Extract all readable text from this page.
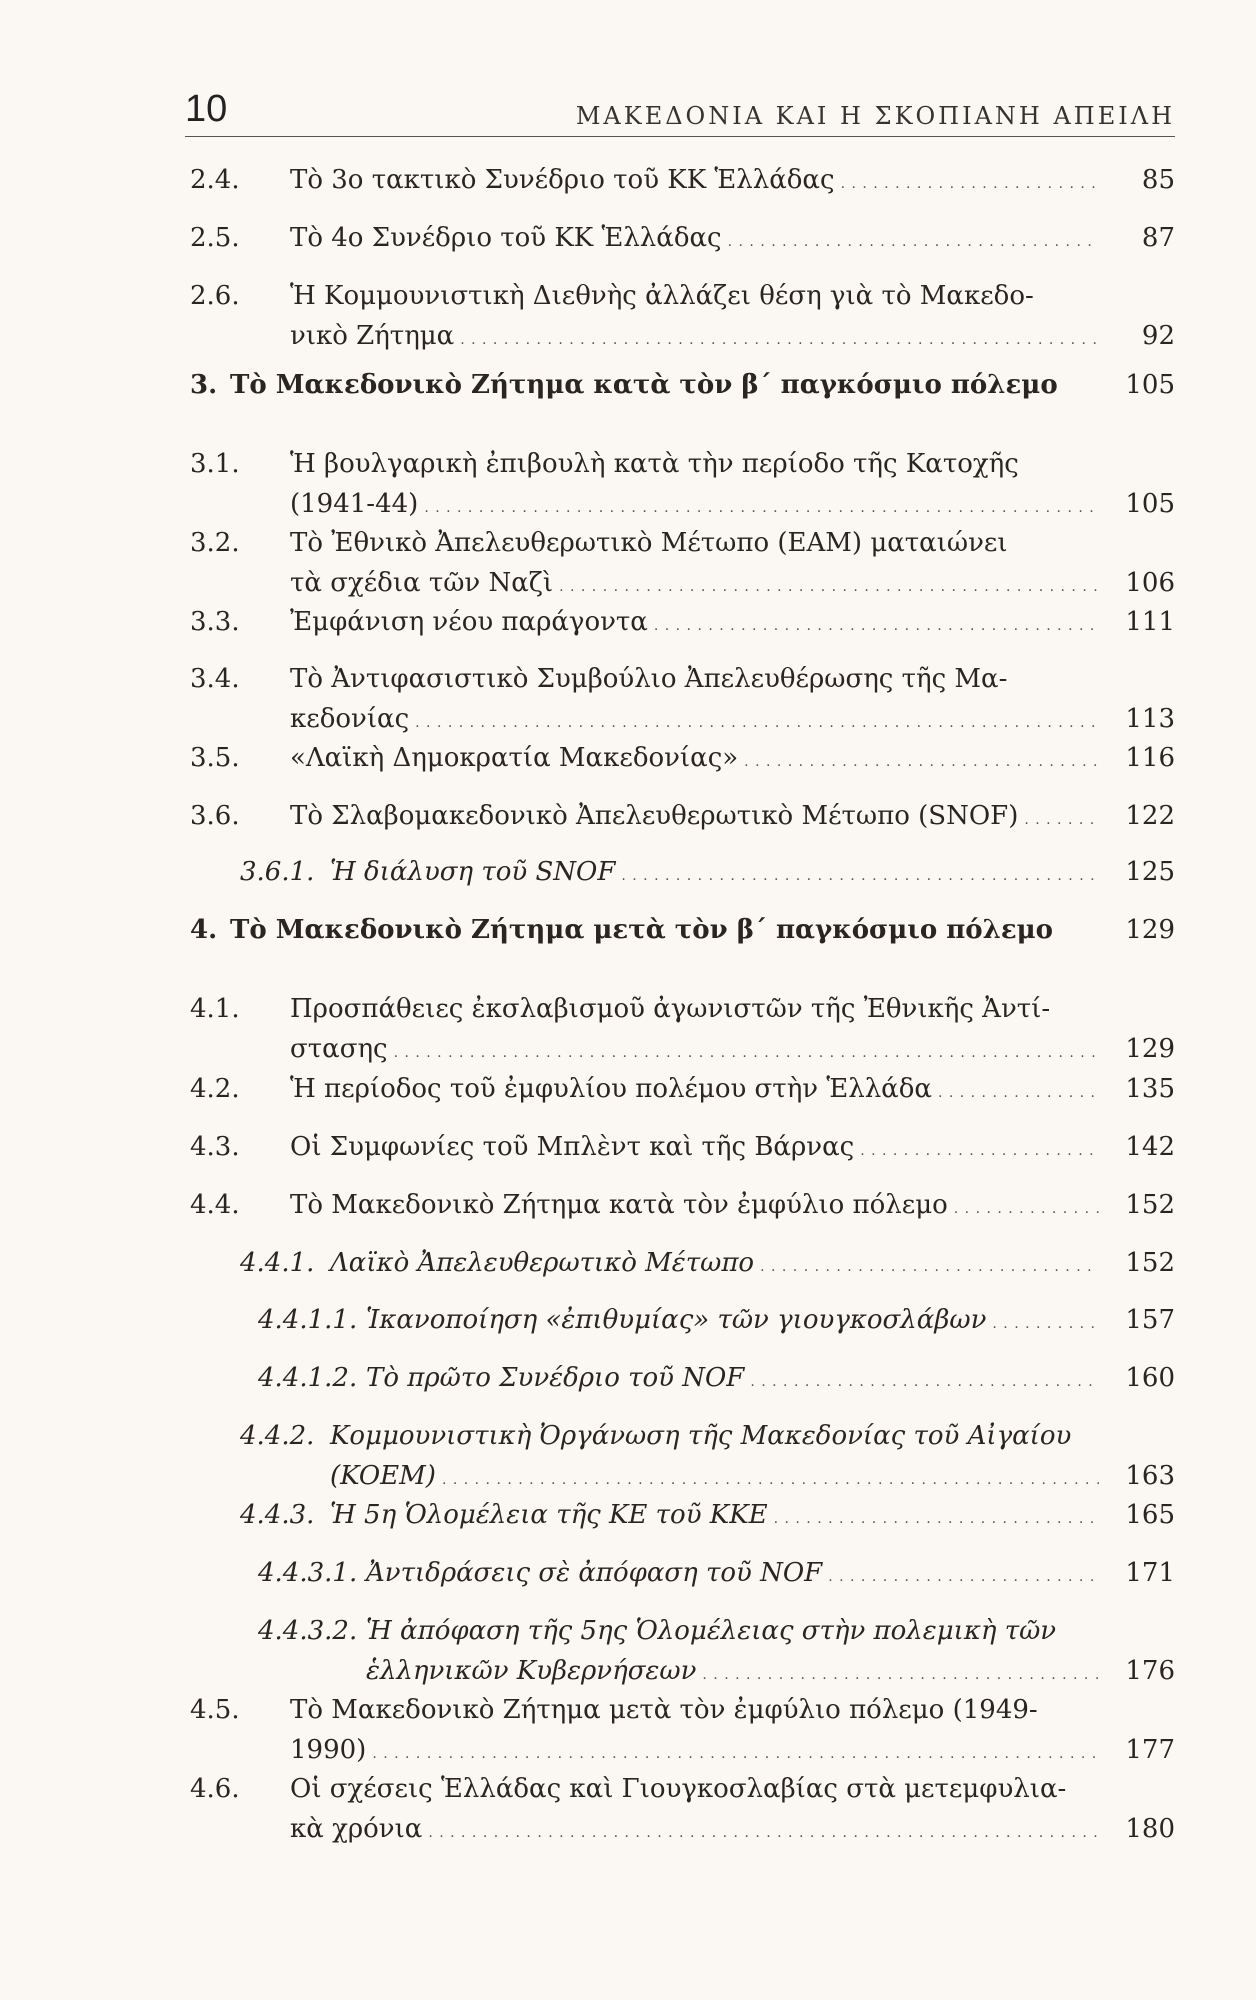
10	ΜΑΚΕΔΟΝΙΑ ΚΑΙ Η ΣΚΟΠΙΑΝΗ ΑΠΕΙΛΗ
2.4. Τὸ 3ο τακτικὸ Συνέδριο τοῦ ΚΚ Ἑλλάδας . . .	85
2.5. Τὸ 4ο Συνέδριο τοῦ ΚΚ Ἑλλάδας . . .	87
2.6. Ἡ Κομμουνιστικὴ Διεθνὴς ἀλλάζει θέση γιὰ τὸ Μακεδο-
νικὸ Ζήτημα . . .	92
3. Τὸ Μακεδονικὸ Ζήτημα κατὰ τὸν β΄ παγκόσμιο πόλεμο	105
3.1. Ἡ βουλγαρικὴ ἐπιβουλὴ κατὰ τὴν περίοδο τῆς Κατοχῆς
(1941-44) . . .	105
3.2. Τὸ Ἐθνικὸ Ἀπελευθερωτικὸ Μέτωπο (ΕΑΜ) ματαιώνει
τὰ σχέδια τῶν Ναζὶ . . .	106
3.3. Ἐμφάνιση νέου παράγοντα . . .	111
3.4. Τὸ Ἀντιφασιστικὸ Συμβούλιο Ἀπελευθέρωσης τῆς Μα-
κεδονίας . . .	113
3.5. «Λαϊκὴ Δημοκρατία Μακεδονίας» . . .	116
3.6. Τὸ Σλαβομακεδονικὸ Ἀπελευθερωτικὸ Μέτωπο (SNOF) . . .	122
3.6.1. Ἡ διάλυση τοῦ SNOF . . .	125
4. Τὸ Μακεδονικὸ Ζήτημα μετὰ τὸν β΄ παγκόσμιο πόλεμο	129
4.1. Προσπάθειες ἐκσλαβισμοῦ ἀγωνιστῶν τῆς Ἐθνικῆς Ἀντί-
στασης . . .	129
4.2. Ἡ περίοδος τοῦ ἐμφυλίου πολέμου στὴν Ἑλλάδα . . .	135
4.3. Οἱ Συμφωνίες τοῦ Μπλὲντ καὶ τῆς Βάρνας . . .	142
4.4. Τὸ Μακεδονικὸ Ζήτημα κατὰ τὸν ἐμφύλιο πόλεμο . . .	152
4.4.1. Λαϊκὸ Ἀπελευθερωτικὸ Μέτωπο . . .	152
4.4.1.1. Ἱκανοποίηση «ἐπιθυμίας» τῶν γιουγκοσλάβων . . .	157
4.4.1.2. Τὸ πρῶτο Συνέδριο τοῦ NOF . . .	160
4.4.2. Κομμουνιστικὴ Ὀργάνωση τῆς Μακεδονίας τοῦ Αἰγαίου
(KOEM) . . .	163
4.4.3. Ἡ 5η Ὁλομέλεια τῆς ΚΕ τοῦ ΚΚΕ . . .	165
4.4.3.1. Ἀντιδράσεις σὲ ἀπόφαση τοῦ NOF . . .	171
4.4.3.2. Ἡ ἀπόφαση τῆς 5ης Ὁλομέλειας στὴν πολεμικὴ τῶν
ἑλληνικῶν Κυβερνήσεων . . .	176
4.5. Τὸ Μακεδονικὸ Ζήτημα μετὰ τὸν ἐμφύλιο πόλεμο (1949-
1990) . . .	177
4.6. Οἱ σχέσεις Ἑλλάδας καὶ Γιουγκοσλαβίας στὰ μετεμφυλια-
κὰ χρόνια . . .	180
